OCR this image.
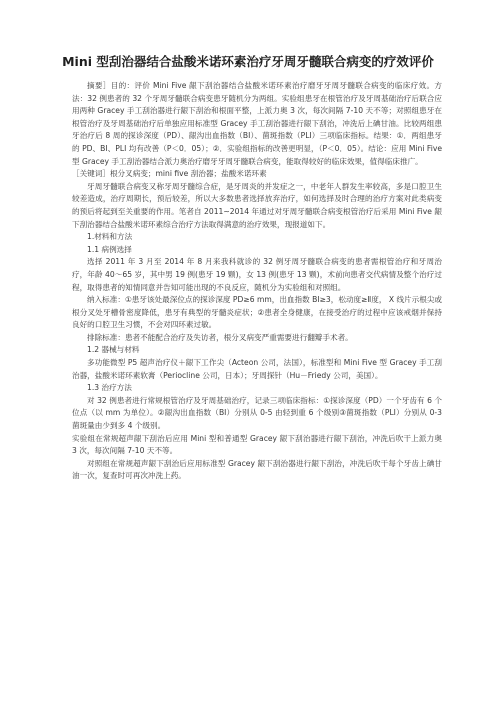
Mini 型刮治器结合盐酸米诺环素治疗牙周牙髓联合病变的疗效评价

摘要］目的：评价 Mini Five 龈下刮治器结合盐酸米诺环素治疗磨牙牙周牙髓联合病变的临床疗效。方法：32 例患者的 32 个牙周牙髓联合病变患牙随机分为两组。实验组患牙在根管治疗及牙周基础治疗后联合应用两种 Gracey 手工刮治器进行龈下刮治和根面平整，上派力奥 3 次，每次间隔 7-10 天不等；对照组患牙在根管治疗及牙周基础治疗后单独应用标准型 Gracey 手工刮治器进行龈下刮治，冲洗后上碘甘油。比较两组患牙治疗后 8 周的探诊深度（PD）、龈沟出血指数（BI）、菌斑指数（PLI）三项临床指标。结果：①．两组患牙的 PD、BI、PLI 均有改善（P＜0．05）；②．实验组指标的改善更明显，（P＜0．05）。结论：应用 Mini Five 型 Gracey 手工刮治器结合派力奥治疗磨牙牙周牙髓联合病变，能取得较好的临床效果，值得临床推广。

［关键词］根分叉病变；mini five 刮治器；盐酸米诺环素

牙周牙髓联合病变又称牙周牙髓综合症，是牙周炎的并发症之一，中老年人群发生率较高，多是口腔卫生较差造成，治疗周期长，预后较差，所以大多数患者选择放弃治疗，如何选择及时合理的治疗方案对此类病变的预后将起到至关重要的作用。笔者自 2011~2014 年通过对牙周牙髓联合病变根管治疗后采用 Mini Five 龈下刮治器结合盐酸米诺环素综合治疗方法取得满意的治疗效果，现报道如下。

1.材料和方法

1.1 病例选择

选择 2011 年 3 月至 2014 年 8 月来我科就诊的 32 例牙周牙髓联合病变的患者需根管治疗和牙周治疗，年龄 40～65 岁，其中男 19 例(患牙 19 颗)，女 13 例(患牙 13 颗)，术前向患者交代病情及整个治疗过程，取得患者的知情同意并告知可能出现的不良反应，随机分为实验组和对照组。

纳入标准：①患牙该处最深位点的探诊深度 PD≥6 mm，出血指数 BI≥3，松动度≥Ⅱ度， X 线片示根尖或根分叉处牙槽骨密度降低，患牙有典型的牙髓炎症状；②患者全身健康，在接受治疗的过程中应该戒烟并保持良好的口腔卫生习惯，不会对四环素过敏。

排除标准：患者不能配合治疗及失访者，根分叉病变严重需要进行翻瓣手术者。

1.2 器械与材料

多功能微型 P5 超声治疗仪＋龈下工作尖（Acteon 公司，法国），标准型和 Mini Five 型 Gracey 手工刮治器，盐酸米诺环素软膏（Periocline 公司，日本）；牙周探针（Hu－Friedy 公司，美国）。

1.3 治疗方法

对 32 例患者进行常规根管治疗及牙周基础治疗，记录三项临床指标：①探诊深度（PD）一个牙齿有 6 个位点（以 mm 为单位）。②龈沟出血指数（BI）分别从 0-5 由轻到重 6 个级别③菌斑指数（PLI）分别从 0-3 菌斑量由少到多 4 个级别。

实验组在常规超声龈下刮治后应用 Mini 型和普通型 Gracey 龈下刮治器进行龈下刮治，冲洗后吹干上派力奥 3 次，每次间隔 7-10 天不等。

对照组在常规超声龈下刮治后应用标准型 Gracey 龈下刮治器进行龈下刮治，冲洗后吹干每个牙齿上碘甘油一次，复查时可再次冲洗上药。
